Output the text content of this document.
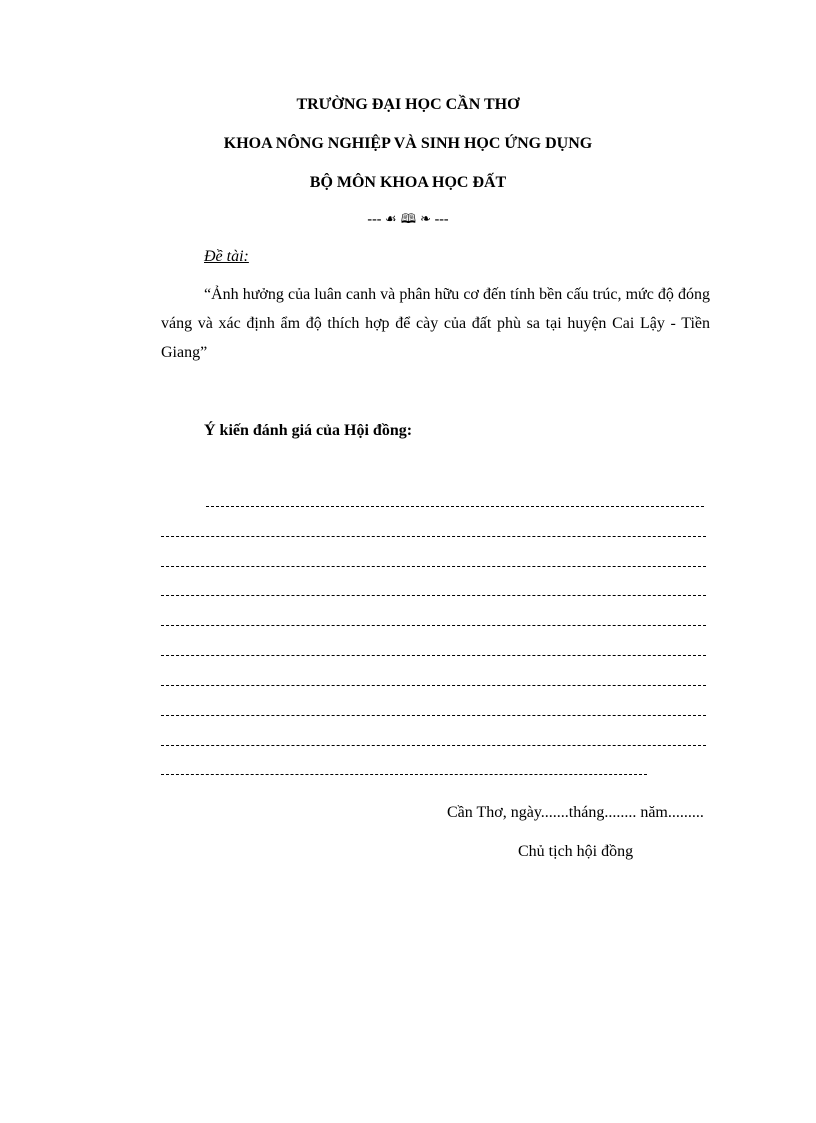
TRƯỜNG ĐẠI HỌC CẦN THƠ
KHOA NÔNG NGHIỆP VÀ SINH HỌC ỨNG DỤNG
BỘ MÔN KHOA HỌC ĐẤT
--- ☙ 🕮 ❧ ---
Đề tài:

“Ảnh hưởng của luân canh và phân hữu cơ đến tính bền cấu trúc, mức độ đóng váng và xác định ẩm độ thích hợp để cày của đất phù sa tại huyện Cai Lậy - Tiền Giang”

Ý kiến đánh giá của Hội đồng:
Cần Thơ, ngày.......tháng........ năm.........
Chủ tịch hội đồng
